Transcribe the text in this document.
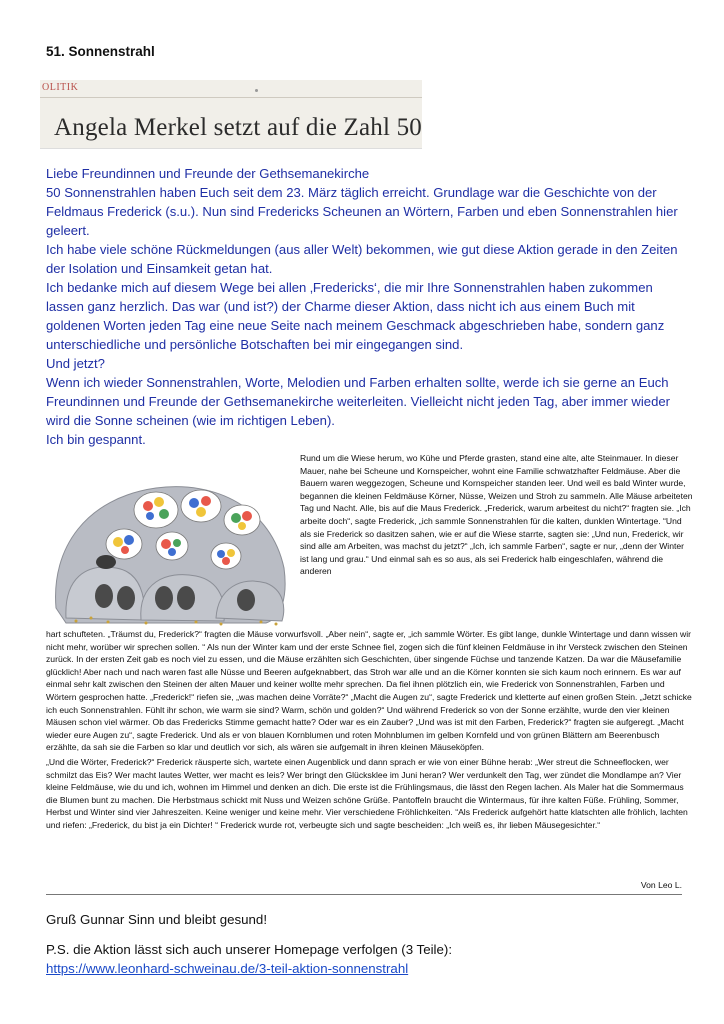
51. Sonnenstrahl
OLITIK
Angela Merkel setzt auf die Zahl 50

Liebe Freundinnen und Freunde der Gethsemanekirche

50 Sonnenstrahlen haben Euch seit dem 23. März täglich erreicht. Grundlage war die Geschichte von der Feldmaus Frederick (s.u.). Nun sind Fredericks Scheunen an Wörtern, Farben und eben Sonnenstrahlen hier geleert.

Ich habe viele schöne Rückmeldungen (aus aller Welt) bekommen, wie gut diese Aktion gerade in den Zeiten der Isolation und Einsamkeit getan hat.

Ich bedanke mich auf diesem Wege bei allen ‚Fredericks‘, die mir Ihre Sonnenstrahlen haben zukommen lassen ganz herzlich. Das war (und ist?) der Charme dieser Aktion, dass nicht ich aus einem Buch mit goldenen Worten jeden Tag eine neue Seite nach meinem Geschmack abgeschrieben habe, sondern ganz unterschiedliche und persönliche Botschaften bei mir eingegangen sind.

Und jetzt?

Wenn ich wieder Sonnenstrahlen, Worte, Melodien und Farben erhalten sollte, werde ich sie gerne an Euch Freundinnen und Freunde der Gethsemanekirche weiterleiten. Vielleicht nicht jeden Tag, aber immer wieder wird die Sonne scheinen (wie im richtigen Leben).

Ich bin gespannt.

Rund um die Wiese herum, wo Kühe und Pferde grasten, stand eine alte, alte Steinmauer. In dieser Mauer, nahe bei Scheune und Kornspeicher, wohnt eine Familie schwatzhafter Feldmäuse. Aber die Bauern waren weggezogen, Scheune und Kornspeicher standen leer. Und weil es bald Winter wurde, begannen die kleinen Feldmäuse Körner, Nüsse, Weizen und Stroh zu sammeln. Alle Mäuse arbeiteten Tag und Nacht. Alle, bis auf die Maus Frederick. „Frederick, warum arbeitest du nicht?“ fragten sie. „Ich arbeite doch“, sagte Frederick, „ich sammle Sonnenstrahlen für die kalten, dunklen Wintertage. “Und als sie Frederick so dasitzen sahen, wie er auf die Wiese starrte, sagten sie: „Und nun, Frederick, wir sind alle am Arbeiten, was machst du jetzt?“ „Ich, ich sammle Farben“, sagte er nur, „denn der Winter ist lang und grau.“ Und einmal sah es so aus, als sei Frederick halb eingeschlafen, während die anderen

hart schufteten. „Träumst du, Frederick?“ fragten die Mäuse vorwurfsvoll. „Aber nein“, sagte er, „ich sammle Wörter. Es gibt lange, dunkle Wintertage und dann wissen wir nicht mehr, worüber wir sprechen sollen. “ Als nun der Winter kam und der erste Schnee fiel, zogen sich die fünf kleinen Feldmäuse in ihr Versteck zwischen den Steinen zurück. In der ersten Zeit gab es noch viel zu essen, und die Mäuse erzählten sich Geschichten, über singende Füchse und tanzende Katzen. Da war die Mäusefamilie glücklich! Aber nach und nach waren fast alle Nüsse und Beeren aufgeknabbert, das Stroh war alle und an die Körner konnten sie sich kaum noch erinnern. Es war auf einmal sehr kalt zwischen den Steinen der alten Mauer und keiner wollte mehr sprechen. Da fiel ihnen plötzlich ein, wie Frederick von Sonnenstrahlen, Farben und Wörtern gesprochen hatte. „Frederick!“ riefen sie, „was machen deine Vorräte?“ „Macht die Augen zu“, sagte Frederick und kletterte auf einen großen Stein. „Jetzt schicke ich euch Sonnenstrahlen. Fühlt ihr schon, wie warm sie sind? Warm, schön und golden?“ Und während Frederick so von der Sonne erzählte, wurde den vier kleinen Mäusen schon viel wärmer. Ob das Fredericks Stimme gemacht hatte? Oder war es ein Zauber? „Und was ist mit den Farben, Frederick?“ fragten sie aufgeregt. „Macht wieder eure Augen zu“, sagte Frederick. Und als er von blauen Kornblumen und roten Mohnblumen im gelben Kornfeld und von grünen Blättern am Beerenbusch erzählte, da sah sie die Farben so klar und deutlich vor sich, als wären sie aufgemalt in ihren kleinen Mäuseköpfen.

„Und die Wörter, Frederick?“ Frederick räusperte sich, wartete einen Augenblick und dann sprach er wie von einer Bühne herab: „Wer streut die Schneeflocken, wer schmilzt das Eis? Wer macht lautes Wetter, wer macht es leis? Wer bringt den Glücksklee im Juni heran? Wer verdunkelt den Tag, wer zündet die Mondlampe an? Vier kleine Feldmäuse, wie du und ich, wohnen im Himmel und denken an dich. Die erste ist die Frühlingsmaus, die lässt den Regen lachen. Als Maler hat die Sommermaus die Blumen bunt zu machen. Die Herbstmaus schickt mit Nuss und Weizen schöne Grüße. Pantoffeln braucht die Wintermaus, für ihre kalten Füße. Frühling, Sommer, Herbst und Winter sind vier Jahreszeiten. Keine weniger und keine mehr. Vier verschiedene Fröhlichkeiten. “Als Frederick aufgehört hatte klatschten alle fröhlich, lachten und riefen: „Frederick, du bist ja ein Dichter! “ Frederick wurde rot, verbeugte sich und sagte bescheiden: „Ich weiß es, ihr lieben Mäusegesichter.“

Von Leo L.
Gruß Gunnar Sinn und bleibt gesund!
P.S. die Aktion lässt sich auch unserer Homepage verfolgen (3 Teile):
https://www.leonhard-schweinau.de/3-teil-aktion-sonnenstrahl
